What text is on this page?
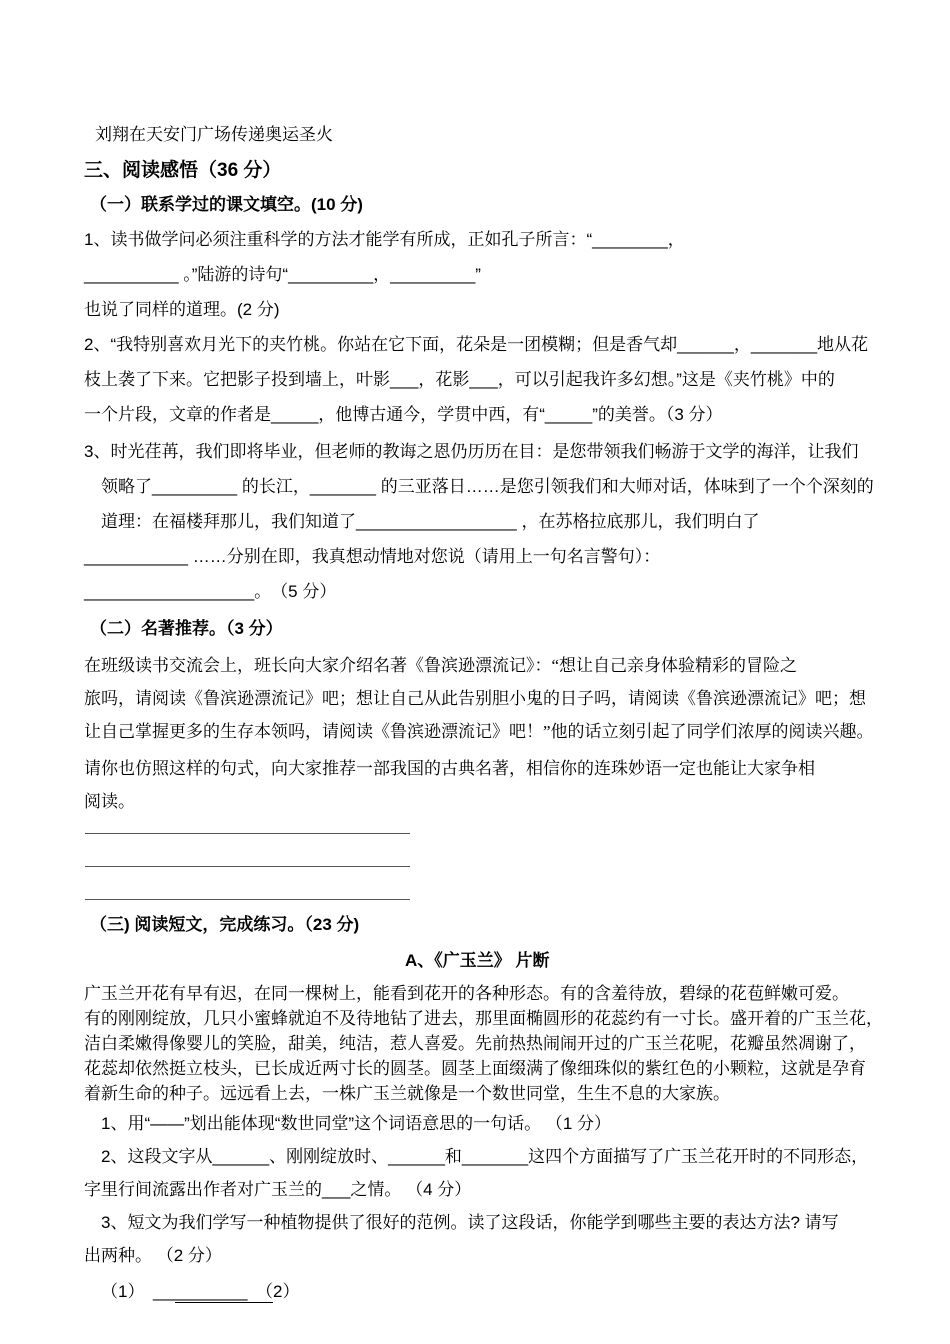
刘翔在天安门广场传递奥运圣火
三、阅读感悟（36 分）
（一）联系学过的课文填空。(10 分)
1、读书做学问必须注重科学的方法才能学有所成，正如孔子所言：“________，
__________ 。”陆游的诗句“_________，_________”
也说了同样的道理。(2 分)
2、“我特别喜欢月光下的夹竹桃。你站在它下面，花朵是一团模糊；但是香气却______，_______地从花
枝上袭了下来。它把影子投到墙上，叶影___，花影___，可以引起我许多幻想。”这是《夹竹桃》中的
一个片段，文章的作者是_____，他博古通今，学贯中西，有“_____”的美誉。（3 分）
3、时光荏苒，我们即将毕业，但老师的教诲之恩仍历历在目：是您带领我们畅游于文学的海洋，让我们
领略了_________ 的长江，_______ 的三亚落日……是您引领我们和大师对话，体味到了一个个深刻的
道理：在福楼拜那儿，我们知道了_________________ ，在苏格拉底那儿，我们明白了
___________ ……分别在即，我真想动情地对您说（请用上一句名言警句）：
__________________。　（5 分）
（二）名著推荐。（3 分）
在班级读书交流会上，班长向大家介绍名著《鲁滨逊漂流记》：“想让自己亲身体验精彩的冒险之
旅吗，请阅读《鲁滨逊漂流记》吧；想让自己从此告别胆小鬼的日子吗，请阅读《鲁滨逊漂流记》吧；想
让自己掌握更多的生存本领吗，请阅读《鲁滨逊漂流记》吧！”他的话立刻引起了同学们浓厚的阅读兴趣。
请你也仿照这样的句式，向大家推荐一部我国的古典名著，相信你的连珠妙语一定也能让大家争相
阅读。
（三) 阅读短文，完成练习。（23 分)
A、《广玉兰》 片断
广玉兰开花有早有迟，在同一棵树上，能看到花开的各种形态。有的含羞待放，碧绿的花苞鲜嫩可爱。
有的刚刚绽放，几只小蜜蜂就迫不及待地钻了进去，那里面椭圆形的花蕊约有一寸长。盛开着的广玉兰花，
洁白柔嫩得像婴儿的笑脸，甜美，纯洁，惹人喜爱。先前热热闹闹开过的广玉兰花呢，花瓣虽然凋谢了，
花蕊却依然挺立枝头，已长成近两寸长的圆茎。圆茎上面缀满了像细珠似的紫红色的小颗粒，这就是孕育
着新生命的种子。远远看上去，一株广玉兰就像是一个数世同堂，生生不息的大家族。
1、用“——”划出能体现“数世同堂”这个词语意思的一句话。 （1 分）
2、这段文字从______、刚刚绽放时、______和_______这四个方面描写了广玉兰花开时的不同形态，
字里行间流露出作者对广玉兰的___之情。 （4 分）
3、短文为我们学写一种植物提供了很好的范例。读了这段话，你能学到哪些主要的表达方法? 请写
出两种。 （2 分）
（1）　__________　（2）
